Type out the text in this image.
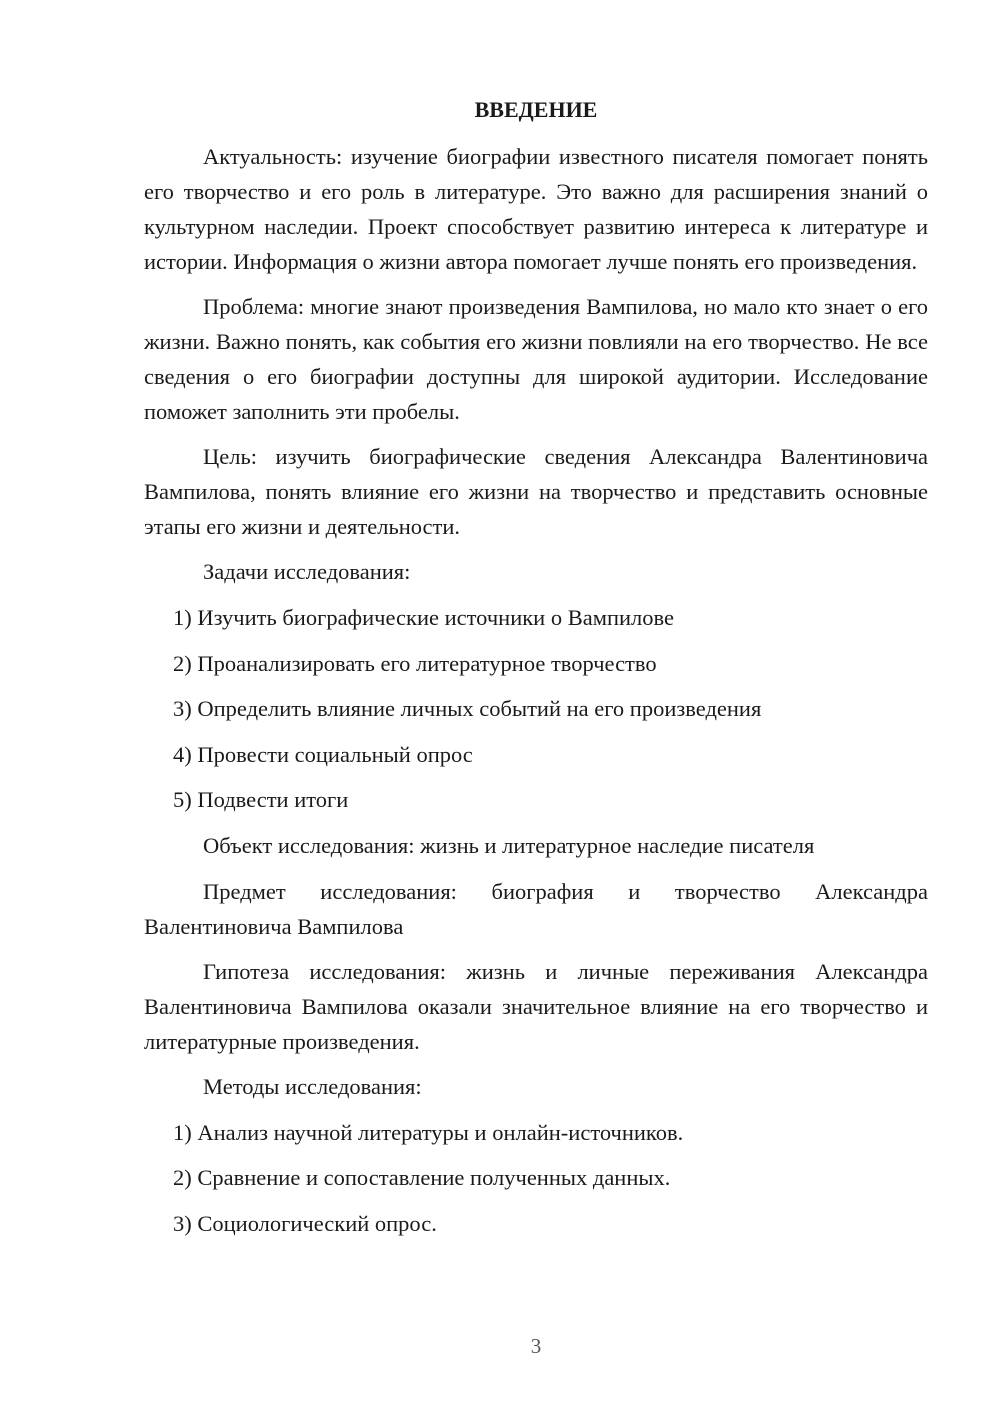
ВВЕДЕНИЕ

Актуальность: изучение биографии известного писателя помогает понять его творчество и его роль в литературе. Это важно для расширения знаний о культурном наследии. Проект способствует развитию интереса к литературе и истории. Информация о жизни автора помогает лучше понять его произведения.

Проблема: многие знают произведения Вампилова, но мало кто знает о его жизни. Важно понять, как события его жизни повлияли на его творчество. Не все сведения о его биографии доступны для широкой аудитории. Исследование поможет заполнить эти пробелы.

Цель: изучить биографические сведения Александра Валентиновича Вампилова, понять влияние его жизни на творчество и представить основные этапы его жизни и деятельности.

Задачи исследования:

1) Изучить биографические источники о Вампилове
2) Проанализировать его литературное творчество
3) Определить влияние личных событий на его произведения
4) Провести социальный опрос
5) Подвести итоги

Объект исследования: жизнь и литературное наследие писателя

Предмет исследования: биография и творчество Александра Валентиновича Вампилова

Гипотеза исследования: жизнь и личные переживания Александра Валентиновича Вампилова оказали значительное влияние на его творчество и литературные произведения.

Методы исследования:

1) Анализ научной литературы и онлайн-источников.
2) Сравнение и сопоставление полученных данных.
3) Социологический опрос.
3
